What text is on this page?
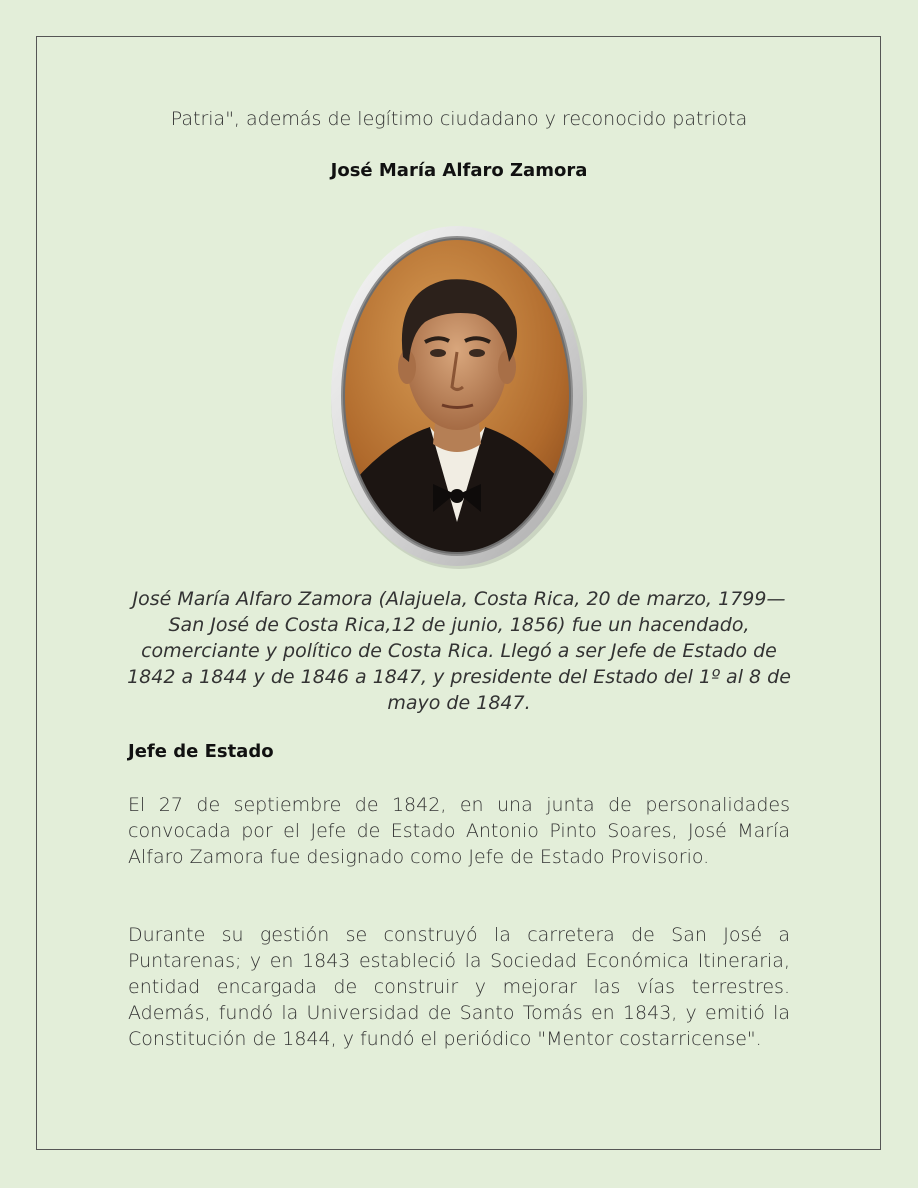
Patria", además de legítimo ciudadano y reconocido patriota

José María Alfaro Zamora

José María Alfaro Zamora (Alajuela, Costa Rica, 20 de marzo, 1799—San José de Costa Rica,12 de junio, 1856) fue un hacendado, comerciante y político de Costa Rica. Llegó a ser Jefe de Estado de 1842 a 1844 y de 1846 a 1847, y presidente del Estado del 1º al 8 de mayo de 1847.

Jefe de Estado

El 27 de septiembre de 1842, en una junta de personalidades convocada por el Jefe de Estado Antonio Pinto Soares, José María Alfaro Zamora fue designado como Jefe de Estado Provisorio.

Durante su gestión se construyó la carretera de San José a Puntarenas; y en 1843 estableció la Sociedad Económica Itineraria, entidad encargada de construir y mejorar las vías terrestres. Además, fundó la Universidad de Santo Tomás en 1843, y emitió la Constitución de 1844, y fundó el periódico "Mentor costarricense".
